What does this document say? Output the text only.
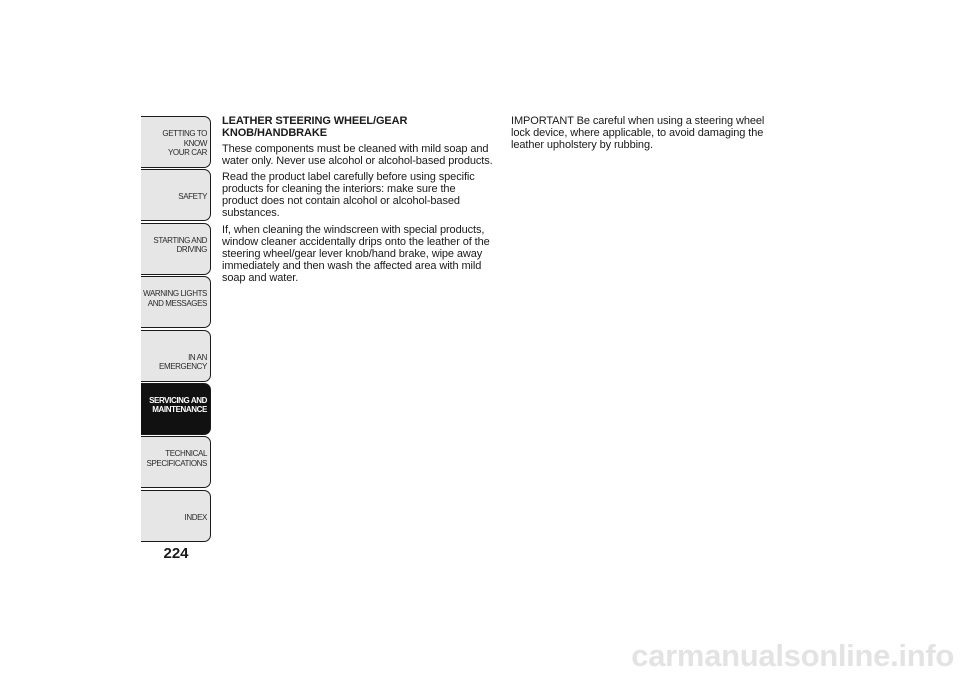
GETTING TO KNOW
YOUR CAR
SAFETY
STARTING AND
DRIVING
WARNING LIGHTS
AND MESSAGES
IN AN EMERGENCY
SERVICING AND
MAINTENANCE
TECHNICAL
SPECIFICATIONS
INDEX
224
LEATHER STEERING WHEEL/GEAR KNOB/HANDBRAKE

These components must be cleaned with mild soap and water only. Never use alcohol or alcohol-based products.

Read the product label carefully before using specific products for cleaning the interiors: make sure the product does not contain alcohol or alcohol-based substances.

If, when cleaning the windscreen with special products, window cleaner accidentally drips onto the leather of the steering wheel/gear lever knob/hand brake, wipe away immediately and then wash the affected area with mild soap and water.

IMPORTANT Be careful when using a steering wheel lock device, where applicable, to avoid damaging the leather upholstery by rubbing.

carmanualsonline.info
